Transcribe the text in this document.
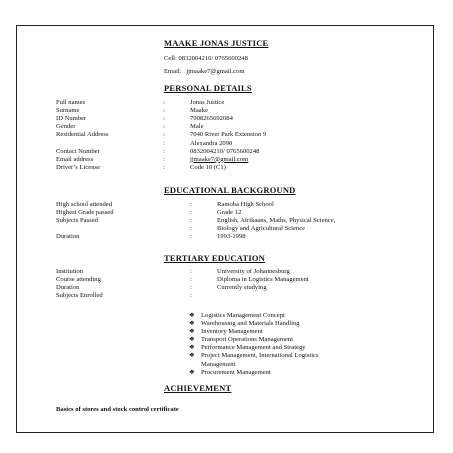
MAAKE JONAS JUSTICE
Cell: 0832004210/ 0765600248
Email: jjmaake7@gmail.com
PERSONAL DETAILS
Full names	:	Jonas Justice
Surname	:	Maake
ID Number	:	7908265692084
Gender	:	Male
Residential Address	:	7040 River Park Extension 9
:	Alexandra 2090
Contact Number	:	0832004210/ 0765600248
Email address	:	jjmaake7@gmail.com
Driver’s License	:	Code 10 (C1)
EDUCATIONAL BACKGROUND
High school attended	:	Ramoba High School
Highest Grade passed	:	Grade 12
Subjects Passed	:	English, Afrikaans, Maths, Physical Science,
:	Biology and Agricultural Science
Duration	:	1993-1998
TERTIARY EDUCATION
Institution	:	University of Johannesburg
Course attending	:	Diploma in Logistics Management
Duration	:	Currently studying
Subjects Enrolled	:
❖ Logistics Management Concept
❖ Warehousing and Materials Handling
❖ Inventory Management
❖ Transport Operations Management
❖ Performance Management and Strategy
❖ Project Management, International Logistics
Management
❖ Procurement Management
ACHIEVEMENT
Basics of stores and stock control certificate
